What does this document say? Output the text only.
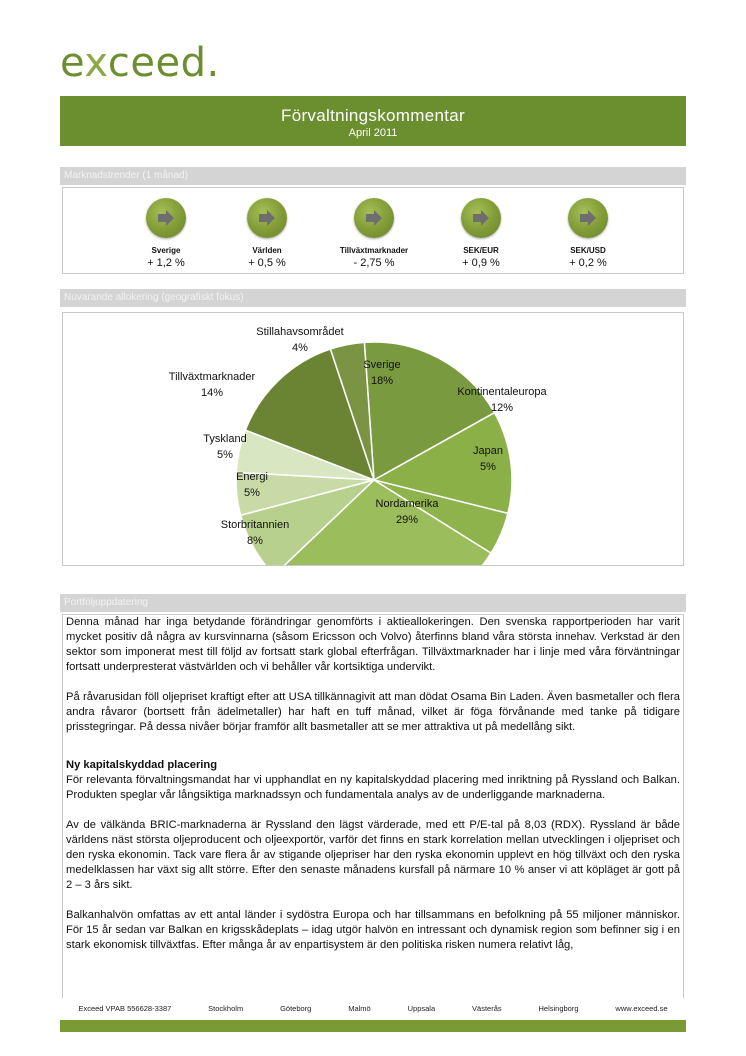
exceed.
Förvaltningskommentar
April 2011
Marknadstrender (1 månad)
Sverige
+ 1,2 %
Världen
+ 0,5 %
Tillväxtmarknader
- 2,75 %
SEK/EUR
+ 0,9 %
SEK/USD
+ 0,2 %
Nuvarande allokering (geografiskt fokus)
Sverige
18%
Kontinentaleuropa
12%
Japan
5%
Nordamerika
29%
Storbritannien
8%
Energi
5%
Tyskland
5%
Tillväxtmarknader
14%
Stillahavsområdet
4%
Portföljuppdatering

Denna månad har inga betydande förändringar genomförts i aktieallokeringen. Den svenska rapportperioden har varit mycket positiv då några av kursvinnarna (såsom Ericsson och Volvo) återfinns bland våra största innehav. Verkstad är den sektor som imponerat mest till följd av fortsatt stark global efterfrågan. Tillväxtmarknader har i linje med våra förväntningar fortsatt underpresterat västvärlden och vi behåller vår kortsiktiga undervikt.

På råvarusidan föll oljepriset kraftigt efter att USA tillkännagivit att man dödat Osama Bin Laden. Även basmetaller och flera andra råvaror (bortsett från ädelmetaller) har haft en tuff månad, vilket är föga förvånande med tanke på tidigare prisstegringar. På dessa nivåer börjar framför allt basmetaller att se mer attraktiva ut på medellång sikt.

Ny kapitalskyddad placering

För relevanta förvaltningsmandat har vi upphandlat en ny kapitalskyddad placering med inriktning på Ryssland och Balkan. Produkten speglar vår långsiktiga marknadssyn och fundamentala analys av de underliggande marknaderna.

Av de välkända BRIC-marknaderna är Ryssland den lägst värderade, med ett P/E-tal på 8,03 (RDX). Ryssland är både världens näst största oljeproducent och oljeexportör, varför det finns en stark korrelation mellan utvecklingen i oljepriset och den ryska ekonomin. Tack vare flera år av stigande oljepriser har den ryska ekonomin upplevt en hög tillväxt och den ryska medelklassen har växt sig allt större. Efter den senaste månadens kursfall på närmare 10 % anser vi att köpläget är gott på 2 – 3 års sikt.

Balkanhalvön omfattas av ett antal länder i sydöstra Europa och har tillsammans en befolkning på 55 miljoner människor. För 15 år sedan var Balkan en krigsskådeplats – idag utgör halvön en intressant och dynamisk region som befinner sig i en stark ekonomisk tillväxtfas. Efter många år av enpartisystem är den politiska risken numera relativt låg,

Exceed VPAB 556628-3387	Stockholm	Göteborg	Malmö	Uppsala	Västerås	Helsingborg	www.exceed.se
